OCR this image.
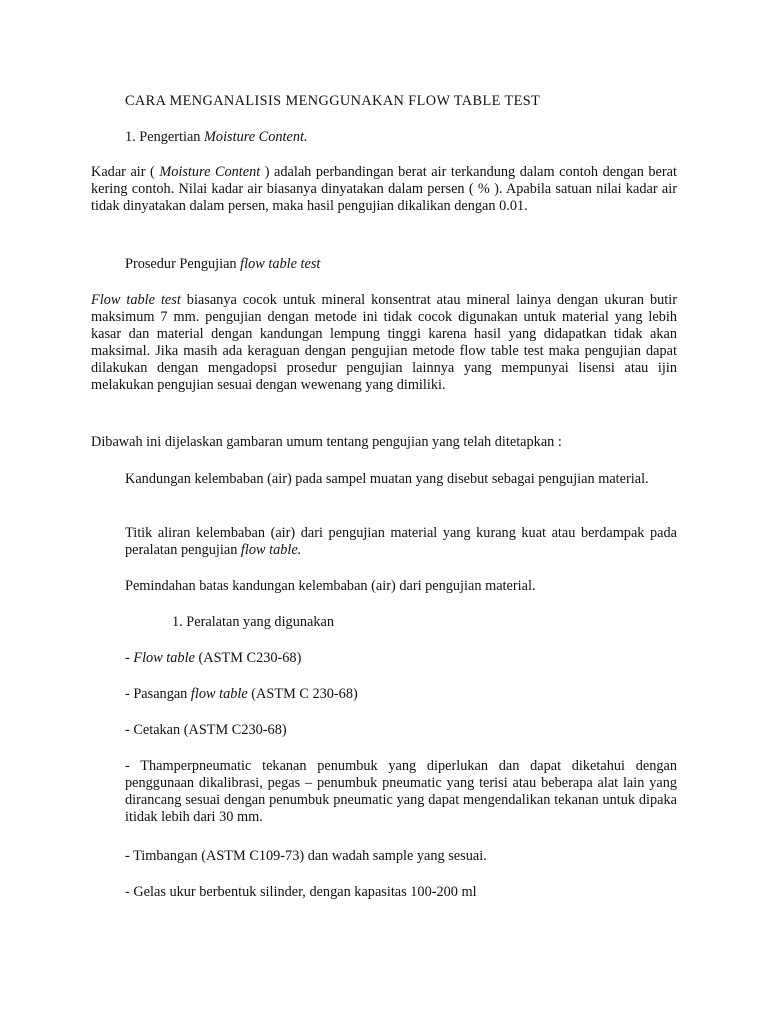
CARA MENGANALISIS MENGGUNAKAN FLOW TABLE TEST

1. Pengertian Moisture Content.

Kadar air ( Moisture Content ) adalah perbandingan berat air terkandung dalam contoh dengan berat kering contoh. Nilai kadar air biasanya dinyatakan dalam persen ( % ). Apabila satuan nilai kadar air tidak dinyatakan dalam persen, maka hasil pengujian dikalikan dengan 0.01.

Prosedur Pengujian flow table test

Flow table test biasanya cocok untuk mineral konsentrat atau mineral lainya dengan ukuran butir maksimum 7 mm. pengujian dengan metode ini tidak cocok digunakan untuk material yang lebih kasar dan material dengan kandungan lempung tinggi karena hasil yang didapatkan tidak akan maksimal. Jika masih ada keraguan dengan pengujian metode flow table test maka pengujian dapat dilakukan dengan mengadopsi prosedur pengujian lainnya yang mempunyai lisensi atau ijin melakukan pengujian sesuai dengan wewenang yang dimiliki.

Dibawah ini dijelaskan gambaran umum tentang pengujian yang telah ditetapkan :

Kandungan kelembaban (air) pada sampel muatan yang disebut sebagai pengujian material.

Titik aliran kelembaban (air) dari pengujian material yang kurang kuat atau berdampak pada peralatan pengujian flow table.

Pemindahan batas kandungan kelembaban (air) dari pengujian material.

1. Peralatan yang digunakan

- Flow table (ASTM C230-68)

- Pasangan flow table (ASTM C 230-68)

- Cetakan (ASTM C230-68)

- Thamperpneumatic tekanan penumbuk yang diperlukan dan dapat diketahui dengan penggunaan dikalibrasi, pegas – penumbuk pneumatic yang terisi atau beberapa alat lain yang dirancang sesuai dengan penumbuk pneumatic yang dapat mengendalikan tekanan untuk dipaka itidak lebih dari 30 mm.

- Timbangan (ASTM C109-73) dan wadah sample yang sesuai.

- Gelas ukur berbentuk silinder, dengan kapasitas 100-200 ml
